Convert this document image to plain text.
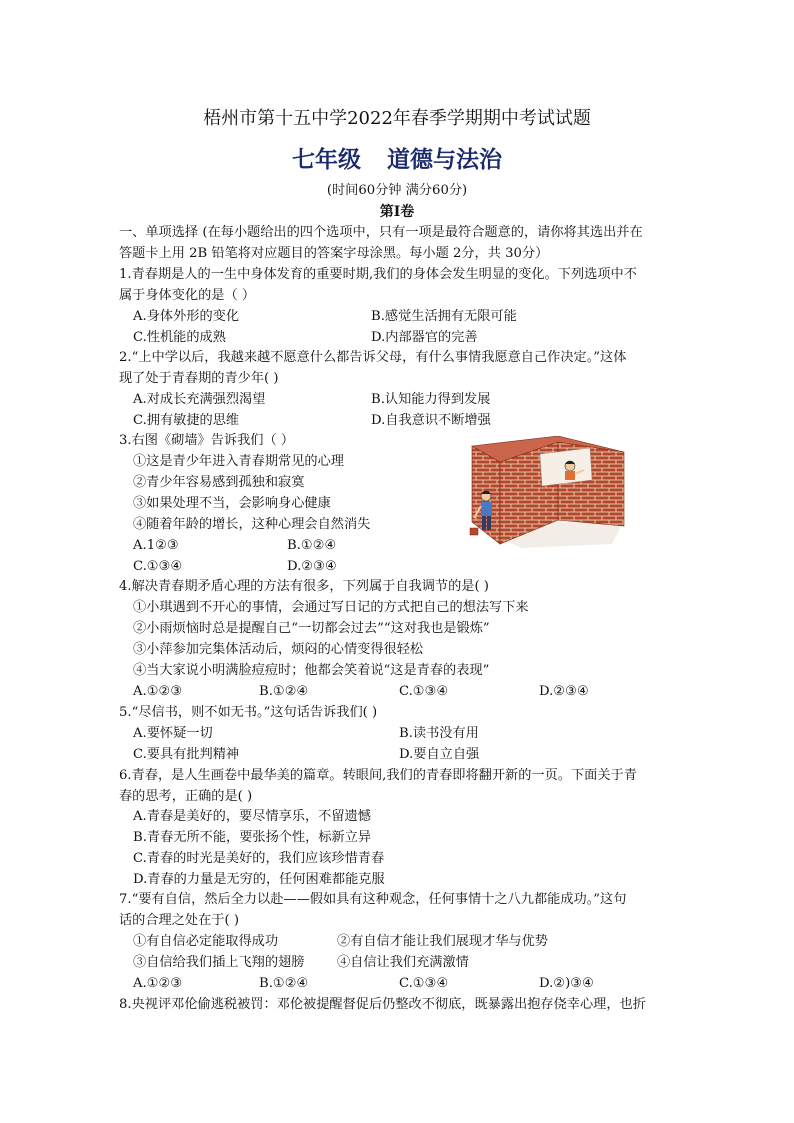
梧州市第十五中学2022年春季学期期中考试试题
七年级 道德与法治
(时间60分钟 满分60分)
第Ⅰ卷
一、单项选择 (在每小题给出的四个选项中，只有一项是最符合题意的，请你将其选出并在
答题卡上用 2B 铅笔将对应题目的答案字母涂黑。每小题 2分，共 30分）
1.青春期是人的一生中身体发育的重要时期,我们的身体会发生明显的变化。下列选项中不
属于身体变化的是（ ）
A.身体外形的变化	B.感觉生活拥有无限可能
C.性机能的成熟	D.内部器官的完善
2.“上中学以后，我越来越不愿意什么都告诉父母，有什么事情我愿意自己作决定。”这体
现了处于青春期的青少年( )
A.对成长充满强烈渴望	B.认知能力得到发展
C.拥有敏捷的思维	D.自我意识不断增强
3.右图《砌墙》告诉我们（ ）
①这是青少年进入青春期常见的心理
②青少年容易感到孤独和寂寞
③如果处理不当，会影响身心健康
④随着年龄的增长，这种心理会自然消失
A.1②③	B.①②④
C.①③④	D.②③④
4.解决青春期矛盾心理的方法有很多，下列属于自我调节的是( )
①小琪遇到不开心的事情，会通过写日记的方式把自己的想法写下来
②小雨烦恼时总是提醒自己“一切都会过去”“这对我也是锻炼”
③小萍参加完集体活动后，烦闷的心情变得很轻松
④当大家说小明满脸痘痘时；他都会笑着说“这是青春的表现”
A.①②③	B.①②④	C.①③④	D.②③④
5.“尽信书，则不如无书。”这句话告诉我们( )
A.要怀疑一切	B.读书没有用
C.要具有批判精神	D.要自立自强
6.青春，是人生画卷中最华美的篇章。转眼间,我们的青春即将翻开新的一页。下面关于青
春的思考，正确的是( )
A.青春是美好的，要尽情享乐，不留遗憾
B.青春无所不能，要张扬个性，标新立异
C.青春的时光是美好的，我们应该珍惜青春
D.青春的力量是无穷的，任何困难都能克服
7.“要有自信，然后全力以赴——假如具有这种观念，任何事情十之八九都能成功。”这句
话的合理之处在于( )
①有自信必定能取得成功	②有自信才能让我们展现才华与优势
③自信给我们插上飞翔的翅膀 ④自信让我们充满激情
A.①②③	B.①②④	C.①③④	D.②)③④
8.央视评邓伦偷逃税被罚：邓伦被提醒督促后仍整改不彻底，既暴露出抱存侥幸心理，也折
